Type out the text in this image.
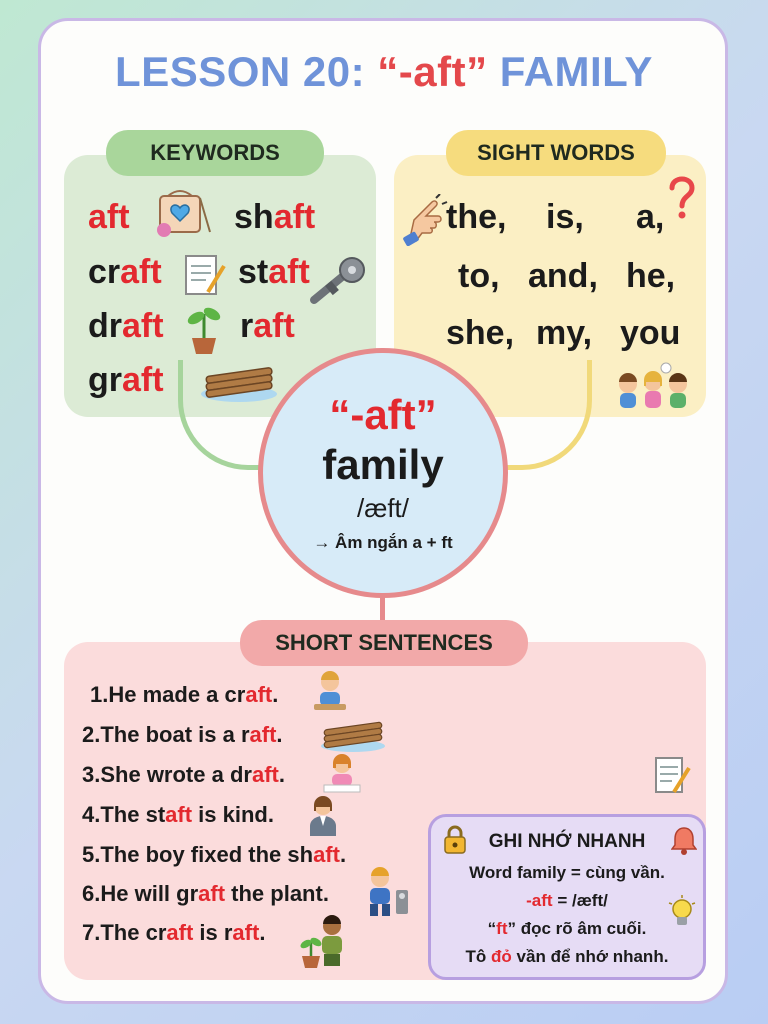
LESSON 20: “-aft” FAMILY
KEYWORDS
aft	shaft
craft staft
draft raft
graft
SIGHT WORDS
the, is, a,
to, and, he,
she, my, you
“-aft”
family
/æft/
→ Âm ngắn a + ft
SHORT SENTENCES
1.He made a craft.
2.The boat is a raft.
3.She wrote a draft.
4.The staft is kind.
5.The boy fixed the shaft.
6.He will graft the plant.
7.The craft is raft.
GHI NHỚ NHANH
Word family = cùng vần.
-aft = /æft/
“ft” đọc rõ âm cuối.
Tô đỏ vần để nhớ nhanh.
